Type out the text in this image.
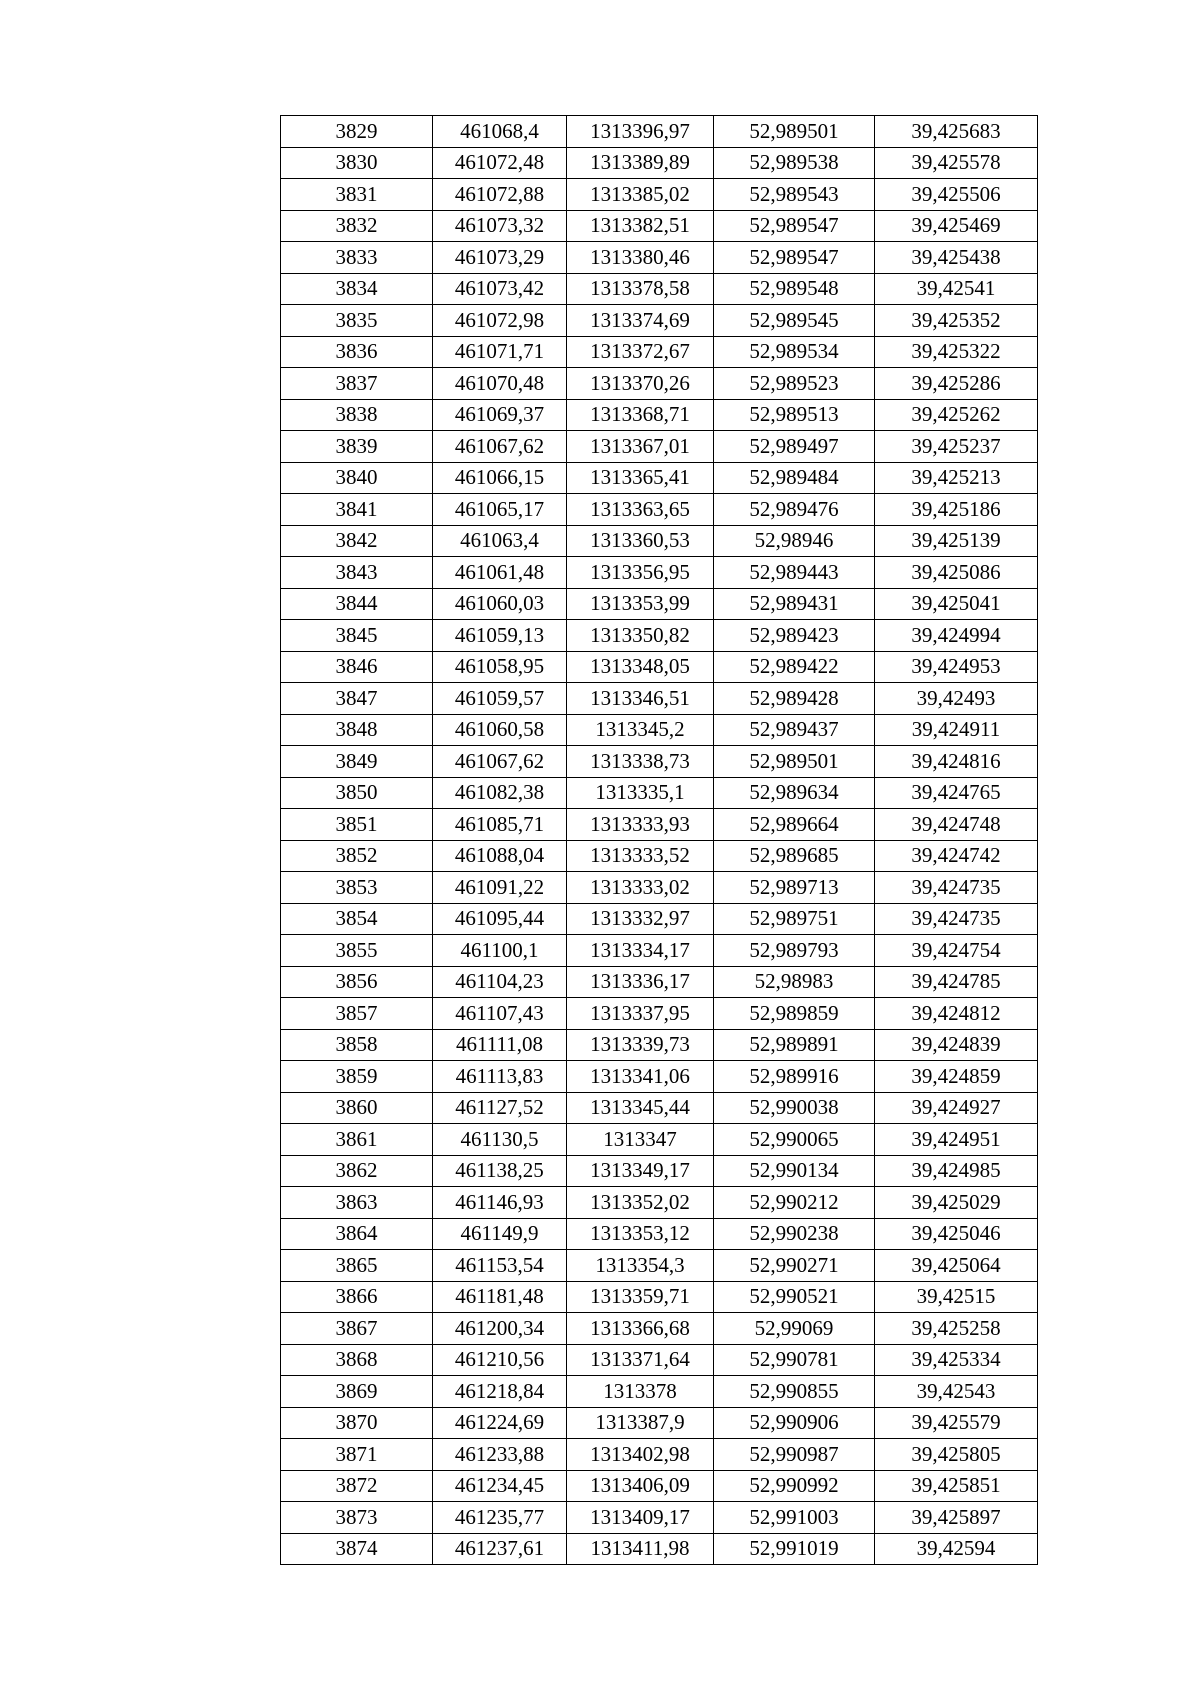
3829	461068,4	1313396,97	52,989501	39,425683
3830	461072,48	1313389,89	52,989538	39,425578
3831	461072,88	1313385,02	52,989543	39,425506
3832	461073,32	1313382,51	52,989547	39,425469
3833	461073,29	1313380,46	52,989547	39,425438
3834	461073,42	1313378,58	52,989548	39,42541
3835	461072,98	1313374,69	52,989545	39,425352
3836	461071,71	1313372,67	52,989534	39,425322
3837	461070,48	1313370,26	52,989523	39,425286
3838	461069,37	1313368,71	52,989513	39,425262
3839	461067,62	1313367,01	52,989497	39,425237
3840	461066,15	1313365,41	52,989484	39,425213
3841	461065,17	1313363,65	52,989476	39,425186
3842	461063,4	1313360,53	52,98946	39,425139
3843	461061,48	1313356,95	52,989443	39,425086
3844	461060,03	1313353,99	52,989431	39,425041
3845	461059,13	1313350,82	52,989423	39,424994
3846	461058,95	1313348,05	52,989422	39,424953
3847	461059,57	1313346,51	52,989428	39,42493
3848	461060,58	1313345,2	52,989437	39,424911
3849	461067,62	1313338,73	52,989501	39,424816
3850	461082,38	1313335,1	52,989634	39,424765
3851	461085,71	1313333,93	52,989664	39,424748
3852	461088,04	1313333,52	52,989685	39,424742
3853	461091,22	1313333,02	52,989713	39,424735
3854	461095,44	1313332,97	52,989751	39,424735
3855	461100,1	1313334,17	52,989793	39,424754
3856	461104,23	1313336,17	52,98983	39,424785
3857	461107,43	1313337,95	52,989859	39,424812
3858	461111,08	1313339,73	52,989891	39,424839
3859	461113,83	1313341,06	52,989916	39,424859
3860	461127,52	1313345,44	52,990038	39,424927
3861	461130,5	1313347	52,990065	39,424951
3862	461138,25	1313349,17	52,990134	39,424985
3863	461146,93	1313352,02	52,990212	39,425029
3864	461149,9	1313353,12	52,990238	39,425046
3865	461153,54	1313354,3	52,990271	39,425064
3866	461181,48	1313359,71	52,990521	39,42515
3867	461200,34	1313366,68	52,99069	39,425258
3868	461210,56	1313371,64	52,990781	39,425334
3869	461218,84	1313378	52,990855	39,42543
3870	461224,69	1313387,9	52,990906	39,425579
3871	461233,88	1313402,98	52,990987	39,425805
3872	461234,45	1313406,09	52,990992	39,425851
3873	461235,77	1313409,17	52,991003	39,425897
3874	461237,61	1313411,98	52,991019	39,42594
